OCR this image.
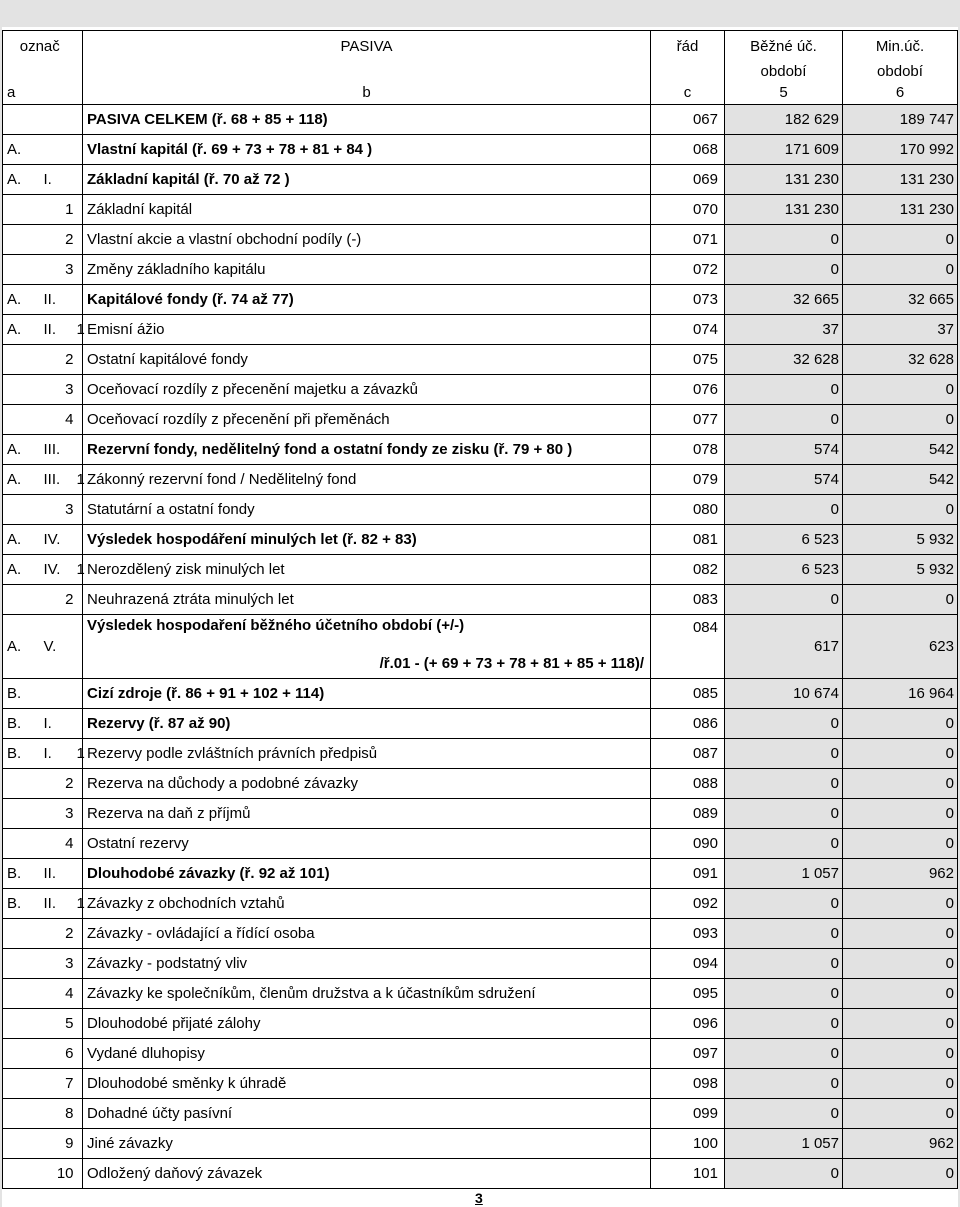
označ			PASIVA	řád	Běžné úč.	Min.úč.
					období	období
a			b	c	5	6
			PASIVA CELKEM (ř. 68 + 85 + 118)	067	182 629	189 747
A.			Vlastní kapitál (ř. 69 + 73 + 78 + 81 + 84 )	068	171 609	170 992
A.	I.		Základní kapitál (ř. 70 až 72 )	069	131 230	131 230
	1		Základní kapitál	070	131 230	131 230
	2		Vlastní akcie a vlastní obchodní podíly (-)	071	0	0
	3		Změny základního kapitálu	072	0	0
A.	II.		Kapitálové fondy (ř. 74 až 77)	073	32 665	32 665
A.	II.	1	Emisní ážio	074	37	37
	2		Ostatní kapitálové fondy	075	32 628	32 628
	3		Oceňovací rozdíly z přecenění majetku a závazků	076	0	0
	4		Oceňovací rozdíly z přecenění při přeměnách	077	0	0
A.	III.		Rezervní fondy, nedělitelný fond a ostatní fondy ze zisku (ř. 79 + 80 )	078	574	542
A.	III.	1	Zákonný rezervní fond / Nedělitelný fond	079	574	542
	3		Statutární a ostatní fondy	080	0	0
A.	IV.		Výsledek hospodáření minulých let (ř. 82 + 83)	081	6 523	5 932
A.	IV.	1	Nerozdělený zisk minulých let	082	6 523	5 932
	2		Neuhrazená ztráta minulých let	083	0	0
A.	V.		Výsledek hospodaření běžného účetního období (+/-)
/ř.01 - (+ 69 + 73 + 78 + 81 + 85 + 118)/	084	617	623
B.			Cizí zdroje (ř. 86 + 91 + 102 + 114)	085	10 674	16 964
B.	I.		Rezervy (ř. 87 až 90)	086	0	0
B.	I.	1	Rezervy podle zvláštních právních předpisů	087	0	0
	2		Rezerva na důchody a podobné závazky	088	0	0
	3		Rezerva na daň z příjmů	089	0	0
	4		Ostatní rezervy	090	0	0
B.	II.		Dlouhodobé závazky (ř. 92 až 101)	091	1 057	962
B.	II.	1	Závazky z obchodních vztahů	092	0	0
	2		Závazky - ovládající a řídící osoba	093	0	0
	3		Závazky - podstatný vliv	094	0	0
	4		Závazky ke společníkům, členům družstva a k účastníkům sdružení	095	0	0
	5		Dlouhodobé přijaté zálohy	096	0	0
	6		Vydané dluhopisy	097	0	0
	7		Dlouhodobé směnky k úhradě	098	0	0
	8		Dohadné účty pasívní	099	0	0
	9		Jiné závazky	100	1 057	962
	10		Odložený daňový závazek	101	0	0
3
